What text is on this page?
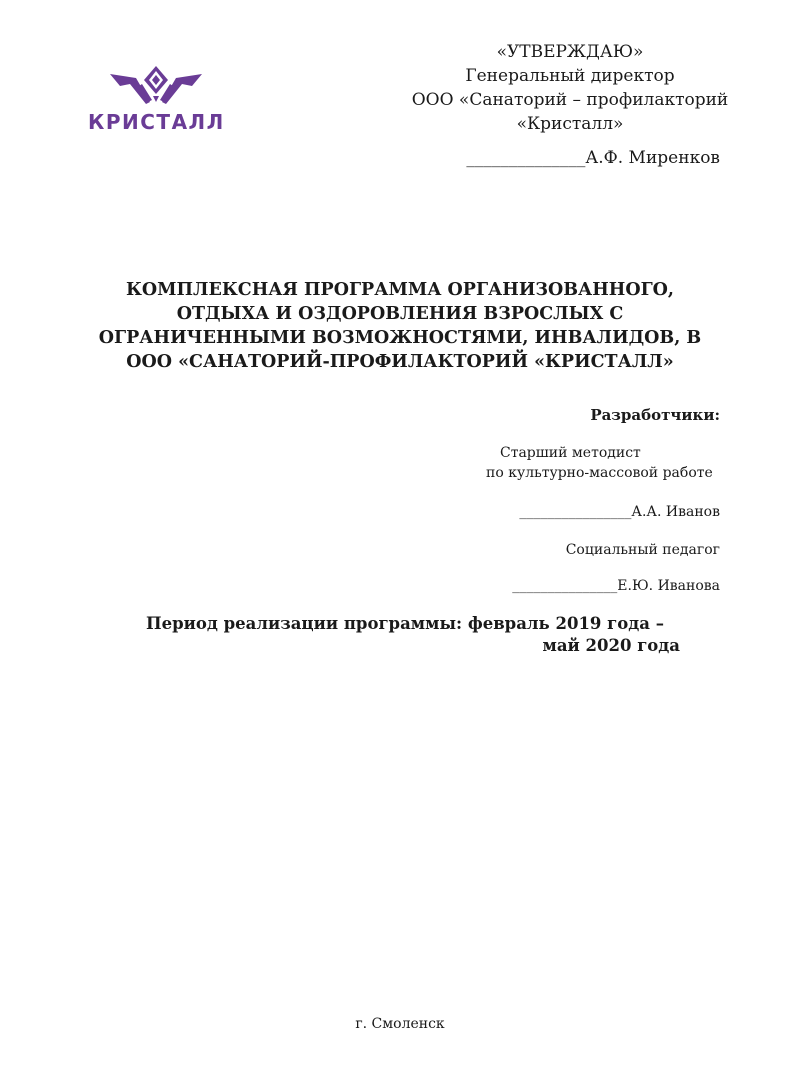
КРИСТАЛЛ
«УТВЕРЖДАЮ»
Генеральный директор
ООО «Санаторий – профилакторий
«Кристалл»
______________А.Ф. Миренков
КОМПЛЕКСНАЯ ПРОГРАММА ОРГАНИЗОВАННОГО,
ОТДЫХА И ОЗДОРОВЛЕНИЯ ВЗРОСЛЫХ С
ОГРАНИЧЕННЫМИ ВОЗМОЖНОСТЯМИ, ИНВАЛИДОВ, В
ООО «САНАТОРИЙ-ПРОФИЛАКТОРИЙ «КРИСТАЛЛ»
Разработчики:
Старший методист
по культурно-массовой работе
________________А.А. Иванов
Социальный педагог
_______________Е.Ю. Иванова
Период реализации программы: февраль 2019 года –
май 2020 года
г. Смоленск
